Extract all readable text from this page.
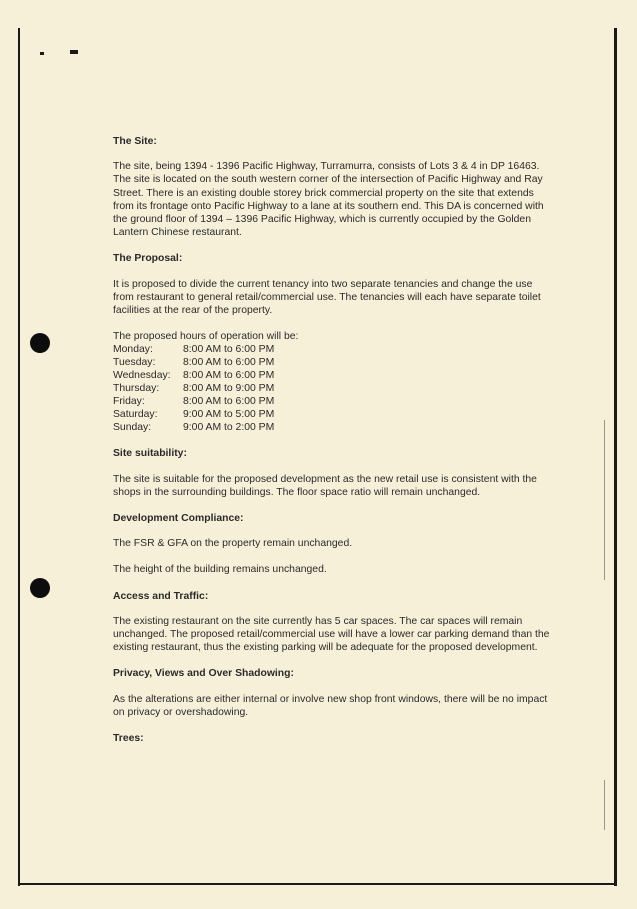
The Site:

The site, being 1394 - 1396 Pacific Highway, Turramurra, consists of Lots 3 & 4 in DP 16463. The site is located on the south western corner of the intersection of Pacific Highway and Ray Street. There is an existing double storey brick commercial property on the site that extends from its frontage onto Pacific Highway to a lane at its southern end. This DA is concerned with the ground floor of 1394 – 1396 Pacific Highway, which is currently occupied by the Golden Lantern Chinese restaurant.

The Proposal:

It is proposed to divide the current tenancy into two separate tenancies and change the use from restaurant to general retail/commercial use. The tenancies will each have separate toilet facilities at the rear of the property.

The proposed hours of operation will be:
Monday:	8:00 AM to 6:00 PM
Tuesday:	8:00 AM to 6:00 PM
Wednesday:	8:00 AM to 6:00 PM
Thursday:	8:00 AM to 9:00 PM
Friday:	8:00 AM to 6:00 PM
Saturday:	9:00 AM to 5:00 PM
Sunday:	9:00 AM to 2:00 PM
Site suitability:

The site is suitable for the proposed development as the new retail use is consistent with the shops in the surrounding buildings. The floor space ratio will remain unchanged.

Development Compliance:

The FSR & GFA on the property remain unchanged.

The height of the building remains unchanged.

Access and Traffic:

The existing restaurant on the site currently has 5 car spaces. The car spaces will remain unchanged. The proposed retail/commercial use will have a lower car parking demand than the existing restaurant, thus the existing parking will be adequate for the proposed development.

Privacy, Views and Over Shadowing:

As the alterations are either internal or involve new shop front windows, there will be no impact on privacy or overshadowing.

Trees:
